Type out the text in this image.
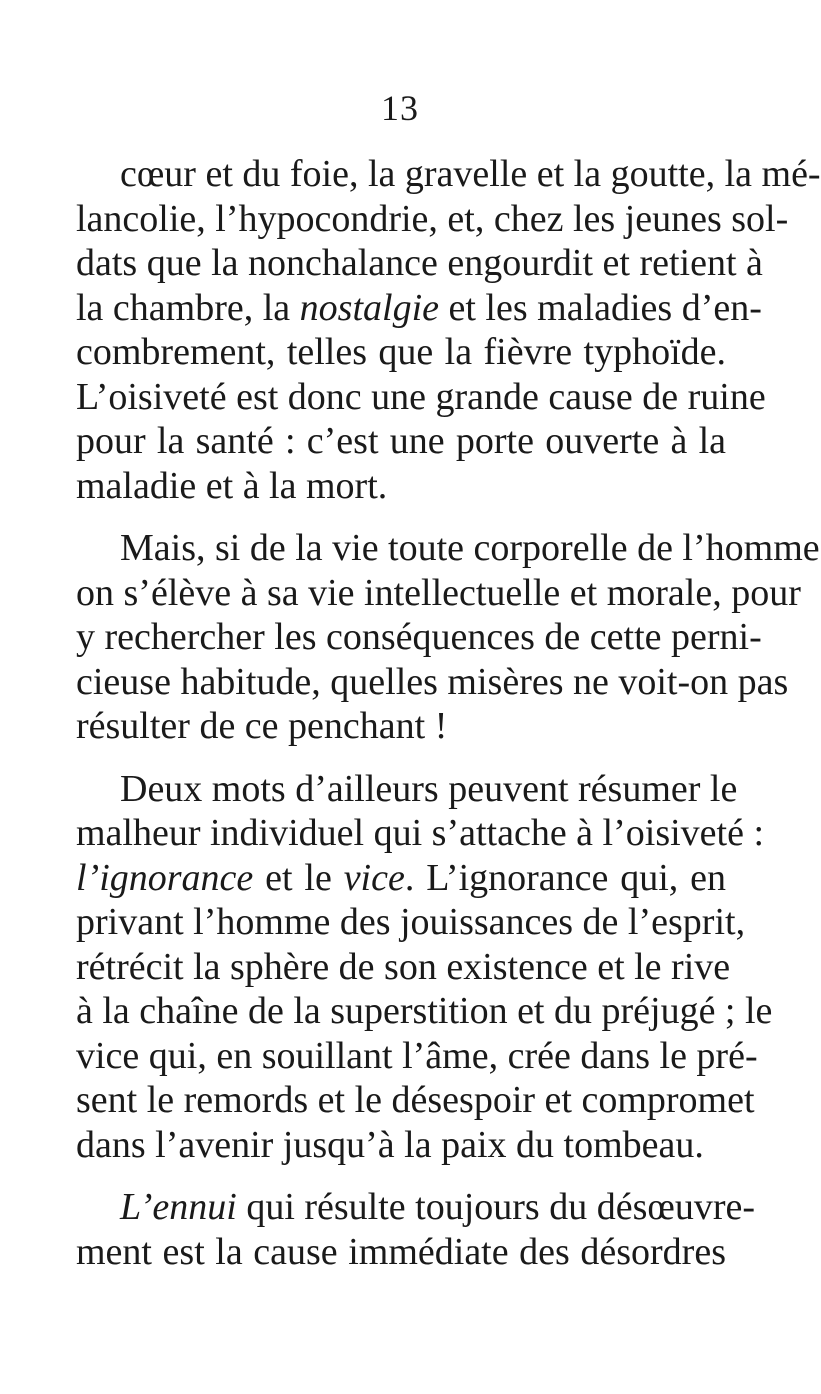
13
cœur et du foie, la gravelle et la goutte, la mé-
lancolie, l’hypocondrie, et, chez les jeunes sol-
dats que la nonchalance engourdit et retient à
la chambre, la nostalgie et les maladies d’en-
combrement, telles que la fièvre typhoïde.
L’oisiveté est donc une grande cause de ruine
pour la santé : c’est une porte ouverte à la
maladie et à la mort.
Mais, si de la vie toute corporelle de l’homme
on s’élève à sa vie intellectuelle et morale, pour
y rechercher les conséquences de cette perni-
cieuse habitude, quelles misères ne voit-on pas
résulter de ce penchant !
Deux mots d’ailleurs peuvent résumer le
malheur individuel qui s’attache à l’oisiveté :
l’ignorance et le vice. L’ignorance qui, en
privant l’homme des jouissances de l’esprit,
rétrécit la sphère de son existence et le rive
à la chaîne de la superstition et du préjugé ; le
vice qui, en souillant l’âme, crée dans le pré-
sent le remords et le désespoir et compromet
dans l’avenir jusqu’à la paix du tombeau.
L’ennui qui résulte toujours du désœuvre-
ment est la cause immédiate des désordres
